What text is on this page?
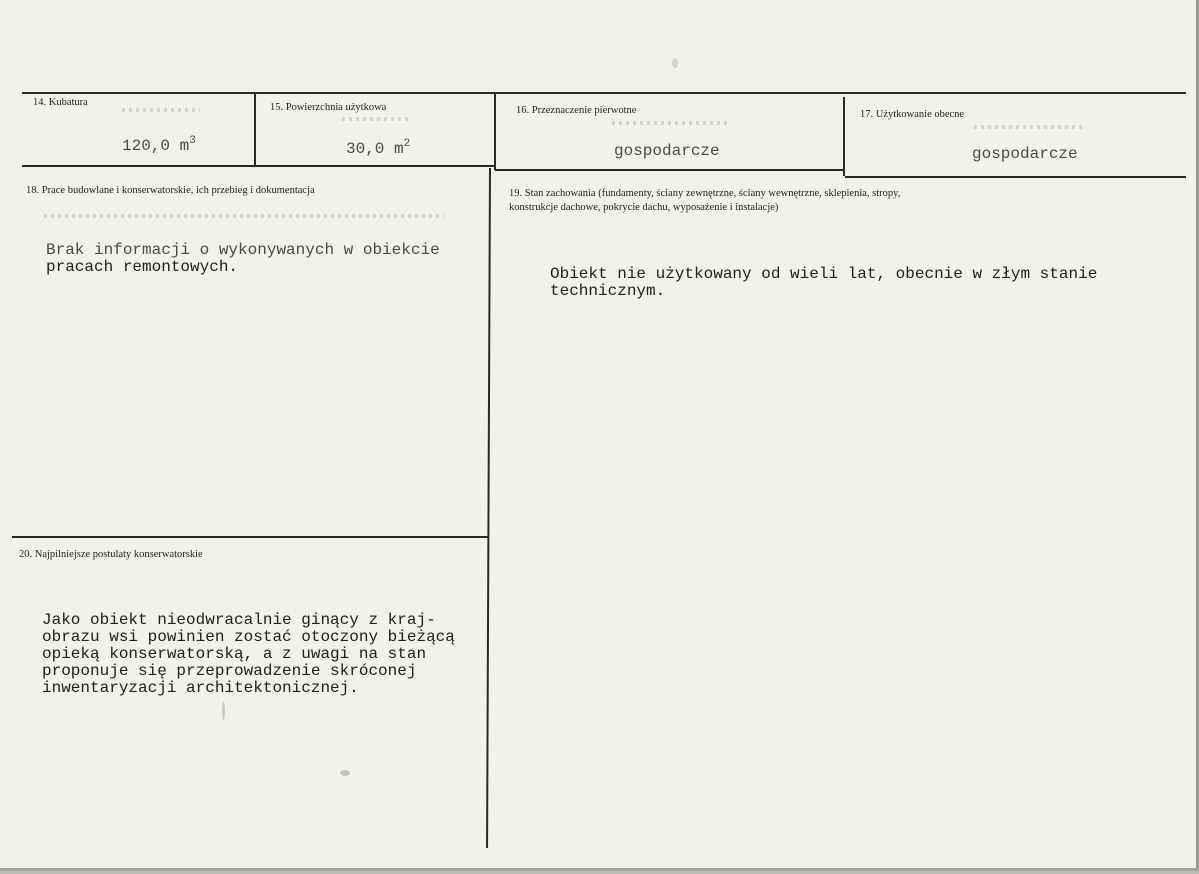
14. Kubatura
120,0 $m^3$
15. Powierzchnia użytkowa
30,0 $m^2$
16. Przeznaczenie pierwotne
gospodarcze
17. Użytkowanie obecne
gospodarcze
18. Prace budowlane i konserwatorskie, ich przebieg i dokumentacja
Brak informacji o wykonywanych w obiekcie
pracach remontowych.
19. Stan zachowania (fundamenty, ściany zewnętrzne, ściany wewnętrzne, sklepienia, stropy,
konstrukcje dachowe, pokrycie dachu, wyposażenie i instalacje)
Obiekt nie użytkowany od wieli lat, obecnie w złym stanie
technicznym.
20. Najpilniejsze postulaty konserwatorskie
Jako obiekt nieodwracalnie ginący z kraj-
obrazu wsi powinien zostać otoczony bieżącą
opieką konserwatorską, a z uwagi na stan
proponuje się przeprowadzenie skróconej
inwentaryzacji architektonicznej.
